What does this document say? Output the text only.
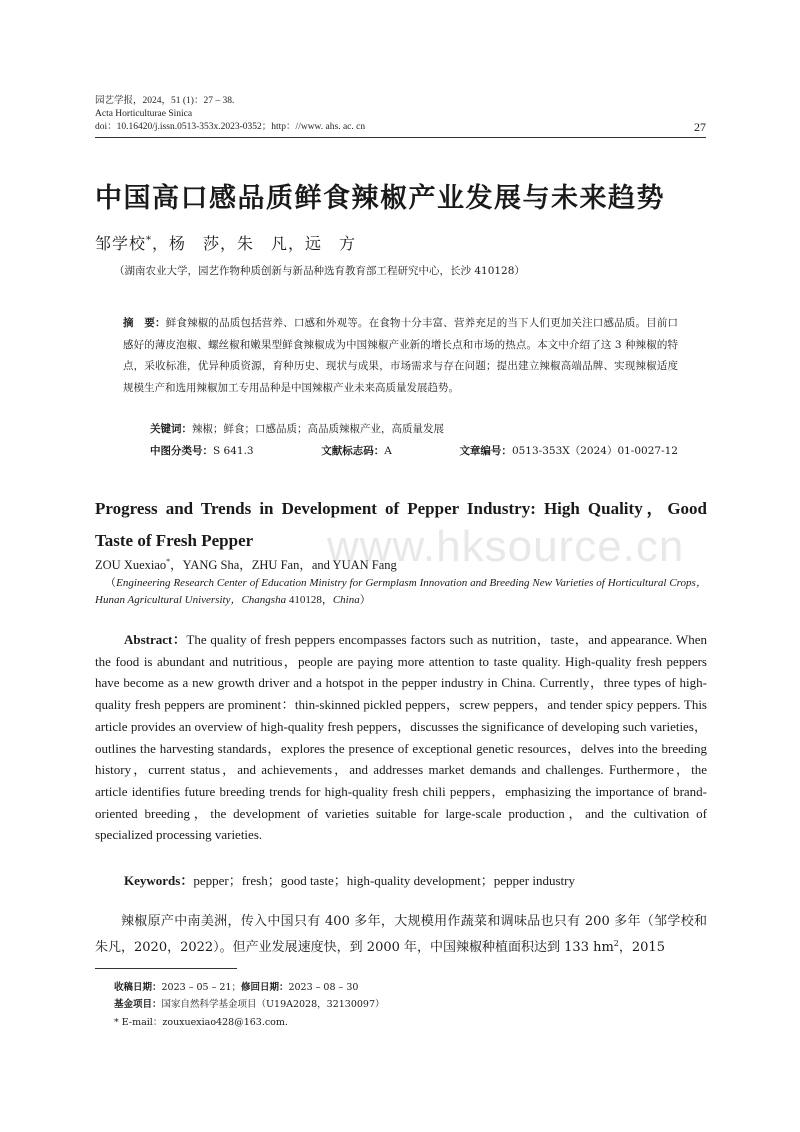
园艺学报，2024，51 (1)：27 – 38.
Acta Horticulturae Sinica
doi：10.16420/j.issn.0513-353x.2023-0352；http：//www. ahs. ac. cn	27
中国高口感品质鲜食辣椒产业发展与未来趋势
邹学校*，杨　莎，朱　凡，远　方
（湖南农业大学，园艺作物种质创新与新品种选育教育部工程研究中心，长沙 410128）
摘　要：鲜食辣椒的品质包括营养、口感和外观等。在食物十分丰富、营养充足的当下人们更加关注口感品质。目前口感好的薄皮泡椒、螺丝椒和嫩果型鲜食辣椒成为中国辣椒产业新的增长点和市场的热点。本文中介绍了这 3 种辣椒的特点，采收标准，优异种质资源，育种历史、现状与成果，市场需求与存在问题；提出建立辣椒高端品牌、实现辣椒适度规模生产和选用辣椒加工专用品种是中国辣椒产业未来高质量发展趋势。
关键词：辣椒；鲜食；口感品质；高品质辣椒产业，高质量发展
中图分类号：S 641.3	文献标志码：A	文章编号：0513-353X（2024）01-0027-12
Progress and Trends in Development of Pepper Industry: High Quality，Good Taste of Fresh Pepper
ZOU Xuexiao*，YANG Sha，ZHU Fan，and YUAN Fang
（Engineering Research Center of Education Ministry for Germplasm Innovation and Breeding New Varieties of Horticultural Crops，Hunan Agricultural University，Changsha 410128，China）
Abstract：The quality of fresh peppers encompasses factors such as nutrition，taste，and appearance. When the food is abundant and nutritious，people are paying more attention to taste quality. High-quality fresh peppers have become as a new growth driver and a hotspot in the pepper industry in China. Currently，three types of high-quality fresh peppers are prominent：thin-skinned pickled peppers，screw peppers，and tender spicy peppers. This article provides an overview of high-quality fresh peppers，discusses the significance of developing such varieties，outlines the harvesting standards，explores the presence of exceptional genetic resources，delves into the breeding history，current status，and achievements，and addresses market demands and challenges. Furthermore，the article identifies future breeding trends for high-quality fresh chili peppers，emphasizing the importance of brand-oriented breeding，the development of varieties suitable for large-scale production，and the cultivation of specialized processing varieties.
Keywords：pepper；fresh；good taste；high-quality development；pepper industry
辣椒原产中南美洲，传入中国只有 400 多年，大规模用作蔬菜和调味品也只有 200 多年（邹学校和朱凡，2020，2022）。但产业发展速度快，到 2000 年，中国辣椒种植面积达到 133 $hm^2$，2015
收稿日期：2023 – 05 – 21；修回日期：2023 – 08 – 30
基金项目：国家自然科学基金项目（U19A2028，32130097）
* E-mail：zouxuexiao428@163.com.
www.hksource.cn
